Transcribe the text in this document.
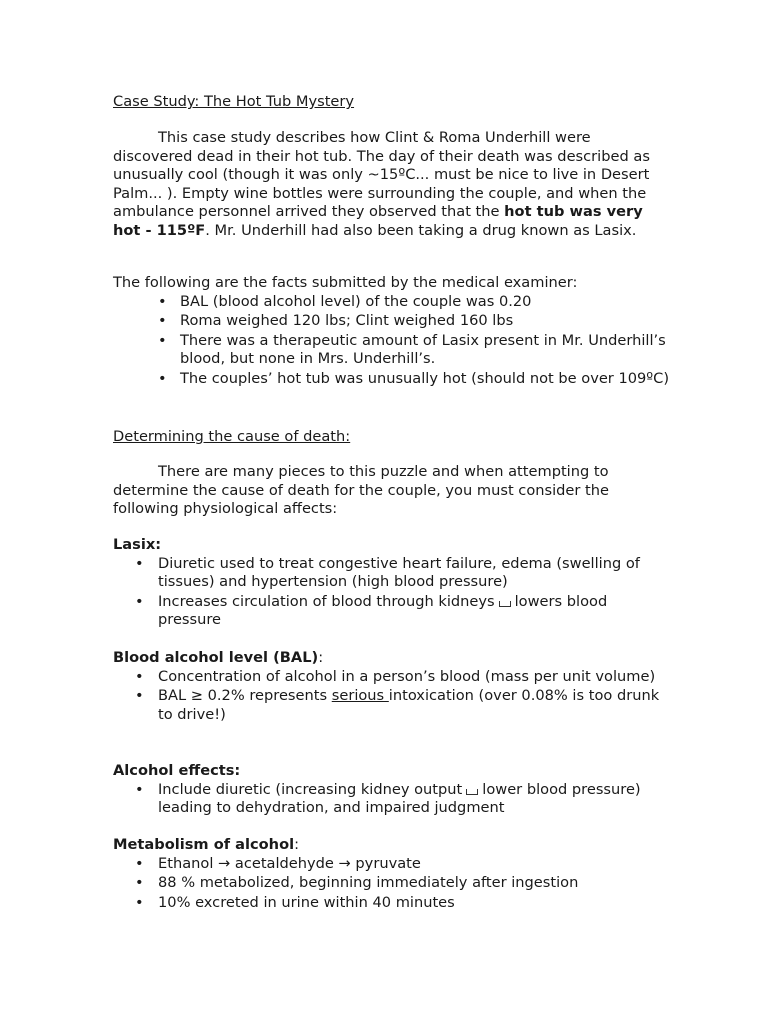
Case Study: The Hot Tub Mystery

This case study describes how Clint & Roma Underhill were discovered dead in their hot tub. The day of their death was described as unusually cool (though it was only ~15ºC... must be nice to live in Desert Palm... ). Empty wine bottles were surrounding the couple, and when the ambulance personnel arrived they observed that the hot tub was very hot - 115ºF. Mr. Underhill had also been taking a drug known as Lasix.

The following are the facts submitted by the medical examiner:

• BAL (blood alcohol level) of the couple was 0.20
• Roma weighed 120 lbs; Clint weighed 160 lbs
• There was a therapeutic amount of Lasix present in Mr. Underhill’s blood, but none in Mrs. Underhill’s.
• The couples’ hot tub was unusually hot (should not be over 109ºC)

Determining the cause of death:

There are many pieces to this puzzle and when attempting to determine the cause of death for the couple, you must consider the following physiological affects:

Lasix:

• Diuretic used to treat congestive heart failure, edema (swelling of tissues) and hypertension (high blood pressure)
• Increases circulation of blood through kidneys lowers blood pressure

Blood alcohol level (BAL):

• Concentration of alcohol in a person’s blood (mass per unit volume)
• BAL ≥ 0.2% represents serious intoxication (over 0.08% is too drunk to drive!)

Alcohol effects:

• Include diuretic (increasing kidney output lower blood pressure) leading to dehydration, and impaired judgment

Metabolism of alcohol:

• Ethanol → acetaldehyde → pyruvate
• 88 % metabolized, beginning immediately after ingestion
• 10% excreted in urine within 40 minutes
